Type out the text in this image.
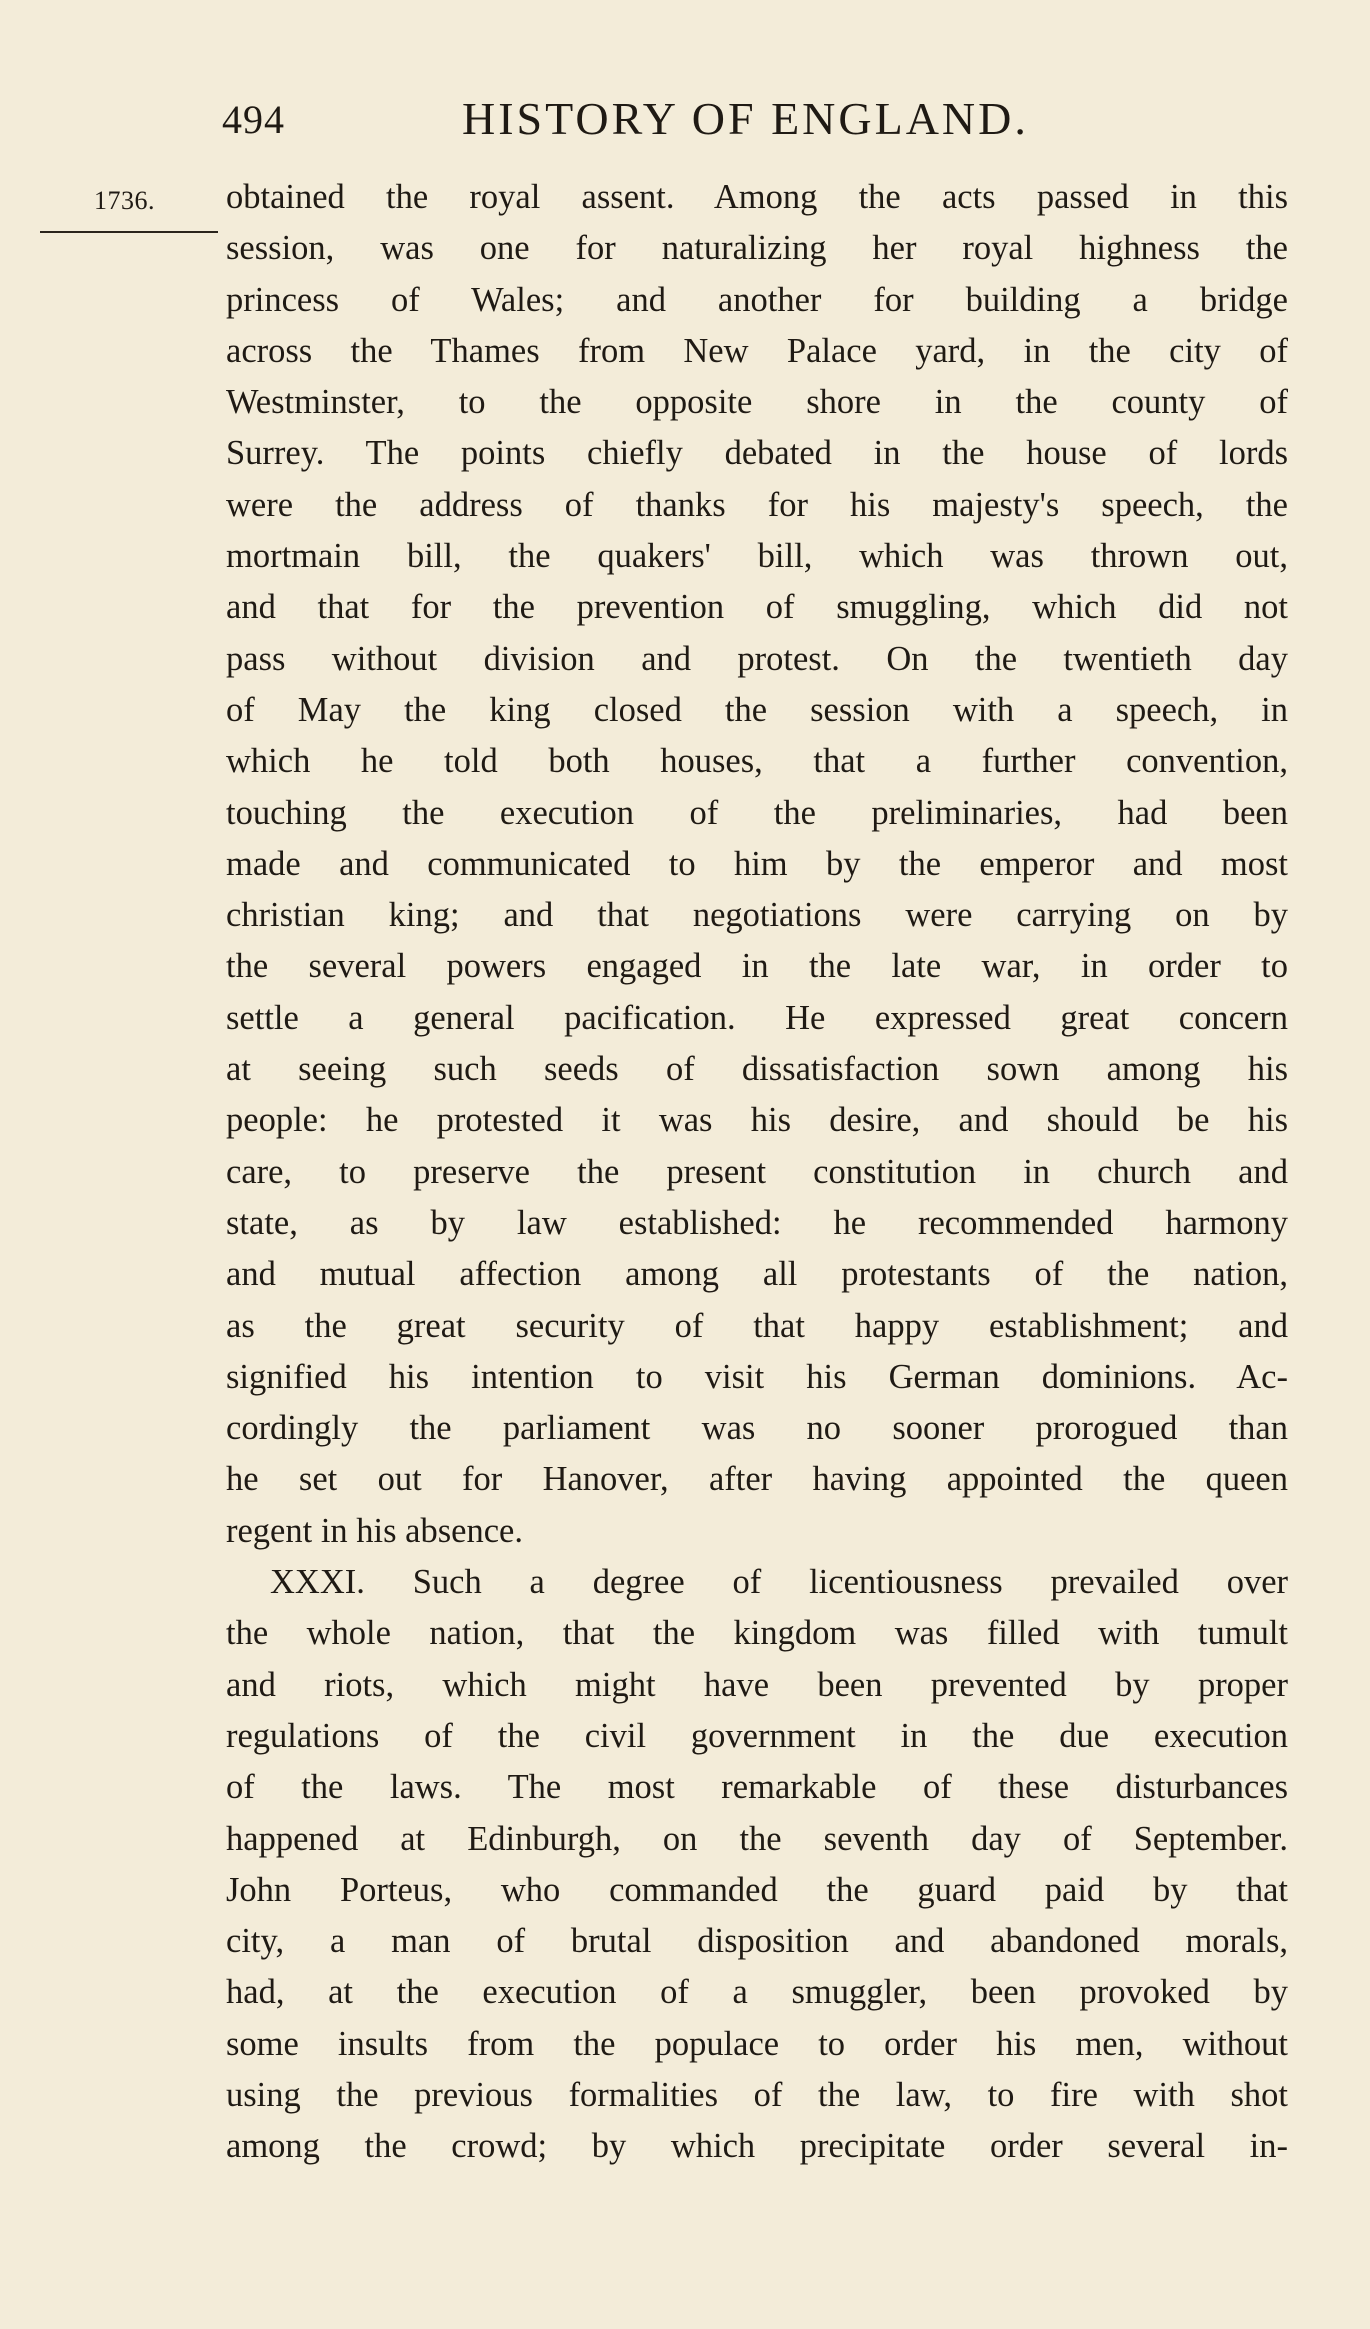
494	HISTORY OF ENGLAND.
1736. obtained the royal assent. Among the acts passed in this
session, was one for naturalizing her royal highness the
princess of Wales; and another for building a bridge
across the Thames from New Palace yard, in the city of
Westminster, to the opposite shore in the county of
Surrey. The points chiefly debated in the house of lords
were the address of thanks for his majesty's speech, the
mortmain bill, the quakers' bill, which was thrown out,
and that for the prevention of smuggling, which did not
pass without division and protest. On the twentieth day
of May the king closed the session with a speech, in
which he told both houses, that a further convention,
touching the execution of the preliminaries, had been
made and communicated to him by the emperor and most
christian king; and that negotiations were carrying on by
the several powers engaged in the late war, in order to
settle a general pacification. He expressed great concern
at seeing such seeds of dissatisfaction sown among his
people: he protested it was his desire, and should be his
care, to preserve the present constitution in church and
state, as by law established: he recommended harmony
and mutual affection among all protestants of the nation,
as the great security of that happy establishment; and
signified his intention to visit his German dominions. Ac-
cordingly the parliament was no sooner prorogued than
he set out for Hanover, after having appointed the queen
regent in his absence.
XXXI. Such a degree of licentiousness prevailed over
the whole nation, that the kingdom was filled with tumult
and riots, which might have been prevented by proper
regulations of the civil government in the due execution
of the laws. The most remarkable of these disturbances
happened at Edinburgh, on the seventh day of September.
John Porteus, who commanded the guard paid by that
city, a man of brutal disposition and abandoned morals,
had, at the execution of a smuggler, been provoked by
some insults from the populace to order his men, without
using the previous formalities of the law, to fire with shot
among the crowd; by which precipitate order several in-
